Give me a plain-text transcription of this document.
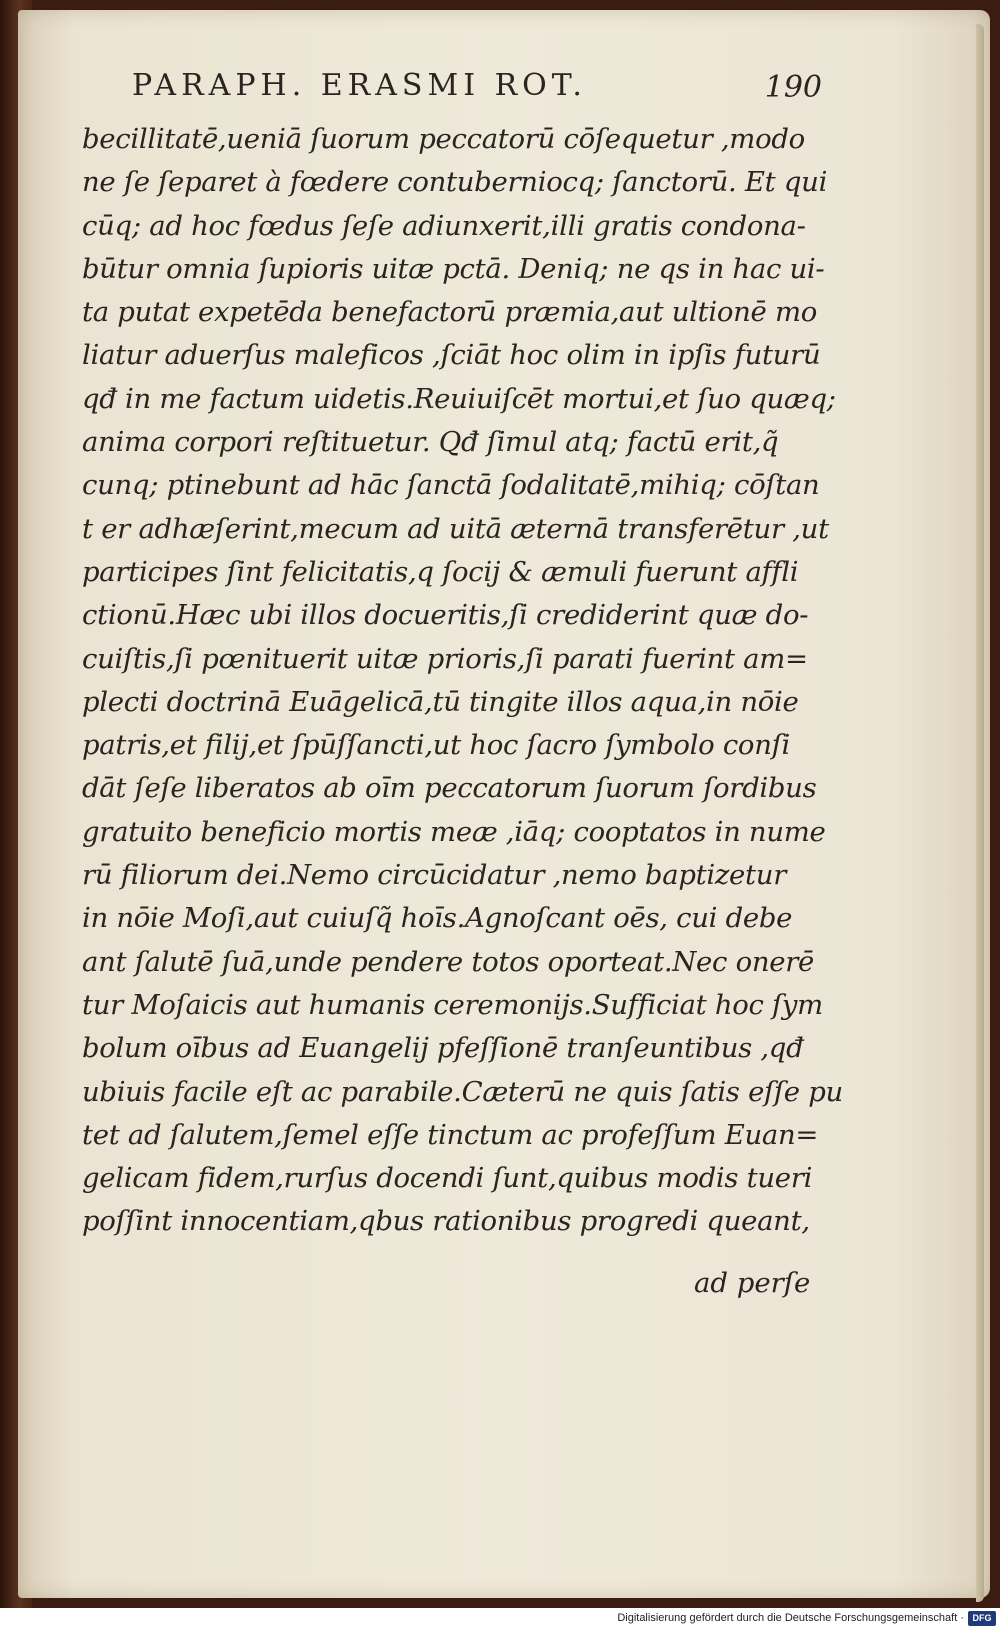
PARAPH. ERASMI ROT.	190
becillitatē,ueniā ſuorum peccatorū cōſequetur ,modo
ne ſe ſeparet à fœdere contuberniocq; ſanctorū. Et qui
cūq; ad hoc fœdus ſeſe adiunxerit,illi gratis condona-
būtur omnia ſupioris uitæ pctā. Deniq; ne qs in hac ui-
ta putat expetēda benefactorū præmia,aut ultionē mo
liatur aduerſus maleficos ,ſciāt hoc olim in ipſis futurū
qđ in me factum uidetis.Reuiuiſcēt mortui,et ſuo quæq;
anima corpori reſtituetur. Qđ ſimul atq; factū erit,q̃
cunq; ptinebunt ad hāc ſanctā ſodalitatē,mihiq; cōſtan
t er adhæſerint,mecum ad uitā æternā transferētur ,ut
participes ſint felicitatis,q ſocij & æmuli fuerunt affli
ctionū.Hæc ubi illos docueritis,ſi crediderint quæ do-
cuiſtis,ſi pœnituerit uitæ prioris,ſi parati fuerint am=
plecti doctrinā Euāgelicā,tū tingite illos aqua,in nōie
patris,et filij,et ſpūſſancti,ut hoc ſacro ſymbolo conſi
dāt ſeſe liberatos ab oīm peccatorum ſuorum ſordibus
gratuito beneficio mortis meæ ,iāq; cooptatos in nume
rū filiorum dei.Nemo circūcidatur ,nemo baptizetur
in nōie Moſi,aut cuiuſq̃ hoīs.Agnoſcant oēs, cui debe
ant ſalutē ſuā,unde pendere totos oporteat.Nec onerē
tur Moſaicis aut humanis ceremonijs.Sufficiat hoc ſym
bolum oībus ad Euangelij pfeſſionē tranſeuntibus ,qđ
ubiuis facile eſt ac parabile.Cæterū ne quis ſatis eſſe pu
tet ad ſalutem,ſemel eſſe tinctum ac profeſſum Euan=
gelicam fidem,rurſus docendi ſunt,quibus modis tueri
poſſint innocentiam,qbus rationibus progredi queant,
ad perſe
Digitalisierung gefördert durch die Deutsche Forschungsgemeinschaft · DFG
